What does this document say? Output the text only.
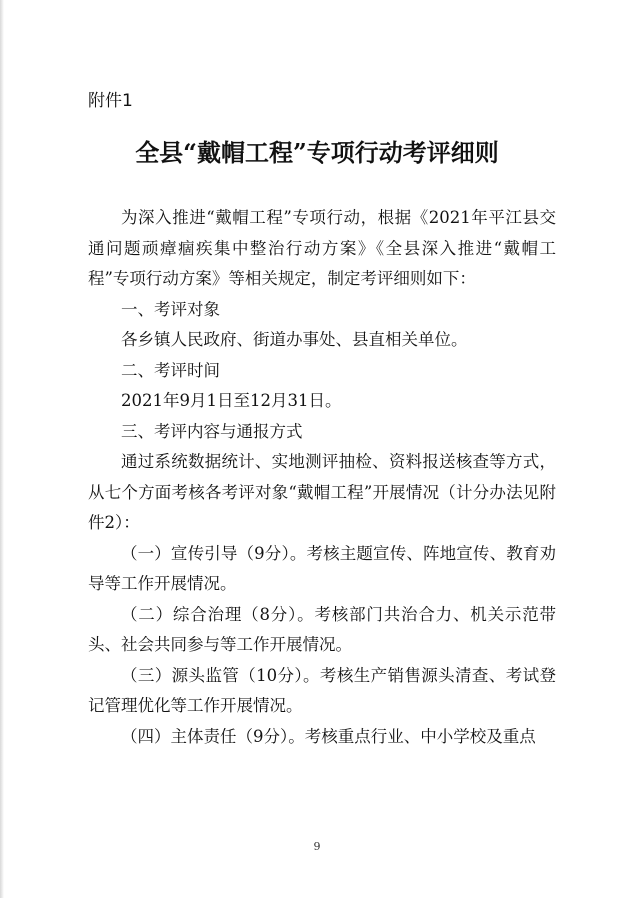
附件1
全县“戴帽工程”专项行动考评细则

为深入推进“戴帽工程”专项行动，根据《2021年平江县交通问题顽瘴痼疾集中整治行动方案》《全县深入推进“戴帽工程”专项行动方案》等相关规定，制定考评细则如下：

一、考评对象

各乡镇人民政府、街道办事处、县直相关单位。

二、考评时间

2021年9月1日至12月31日。

三、考评内容与通报方式

通过系统数据统计、实地测评抽检、资料报送核查等方式，从七个方面考核各考评对象“戴帽工程”开展情况（计分办法见附件2）：

（一）宣传引导（9分）。考核主题宣传、阵地宣传、教育劝导等工作开展情况。

（二）综合治理（8分）。考核部门共治合力、机关示范带头、社会共同参与等工作开展情况。

（三）源头监管（10分）。考核生产销售源头清查、考试登记管理优化等工作开展情况。

（四）主体责任（9分）。考核重点行业、中小学校及重点

9
